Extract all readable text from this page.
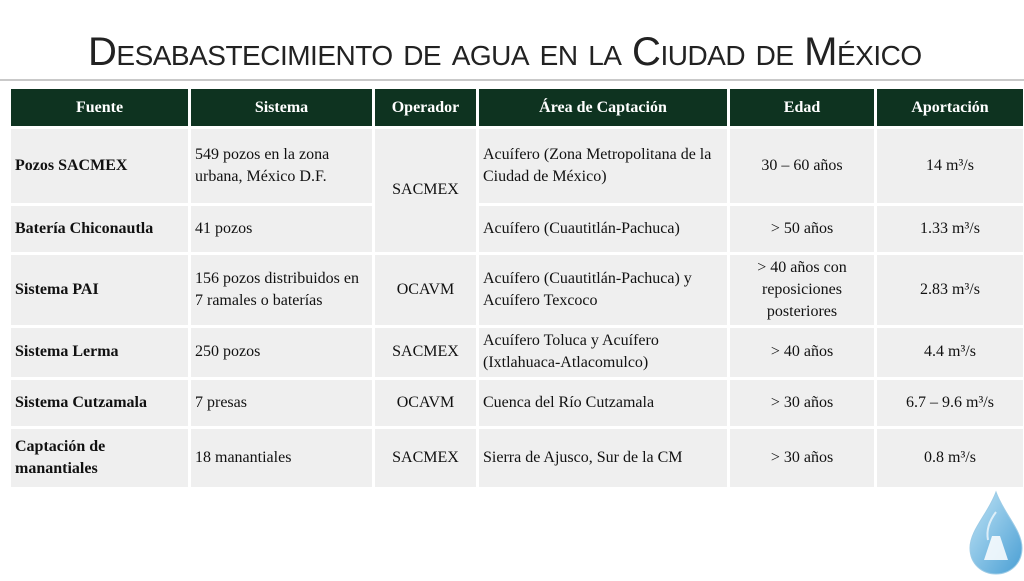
Desabastecimiento de agua en la Ciudad de México
Fuente	Sistema	Operador	Área de Captación	Edad	Aportación
Pozos SACMEX	549 pozos en la zona urbana, México D.F.	SACMEX	Acuífero (Zona Metropolitana de la Ciudad de México)	30 – 60 años	14 m³/s
Batería Chiconautla	41 pozos		Acuífero (Cuautitlán-Pachuca)	> 50 años	1.33 m³/s
Sistema PAI	156 pozos distribuidos en 7 ramales o baterías	OCAVM	Acuífero (Cuautitlán-Pachuca) y Acuífero Texcoco	> 40 años con reposiciones posteriores	2.83 m³/s
Sistema Lerma	250 pozos	SACMEX	Acuífero Toluca y Acuífero (Ixtlahuaca-Atlacomulco)	> 40 años	4.4 m³/s
Sistema Cutzamala	7 presas	OCAVM	Cuenca del Río Cutzamala	> 30 años	6.7 – 9.6 m³/s
Captación de manantiales	18 manantiales	SACMEX	Sierra de Ajusco, Sur de la CM	> 30 años	0.8 m³/s
